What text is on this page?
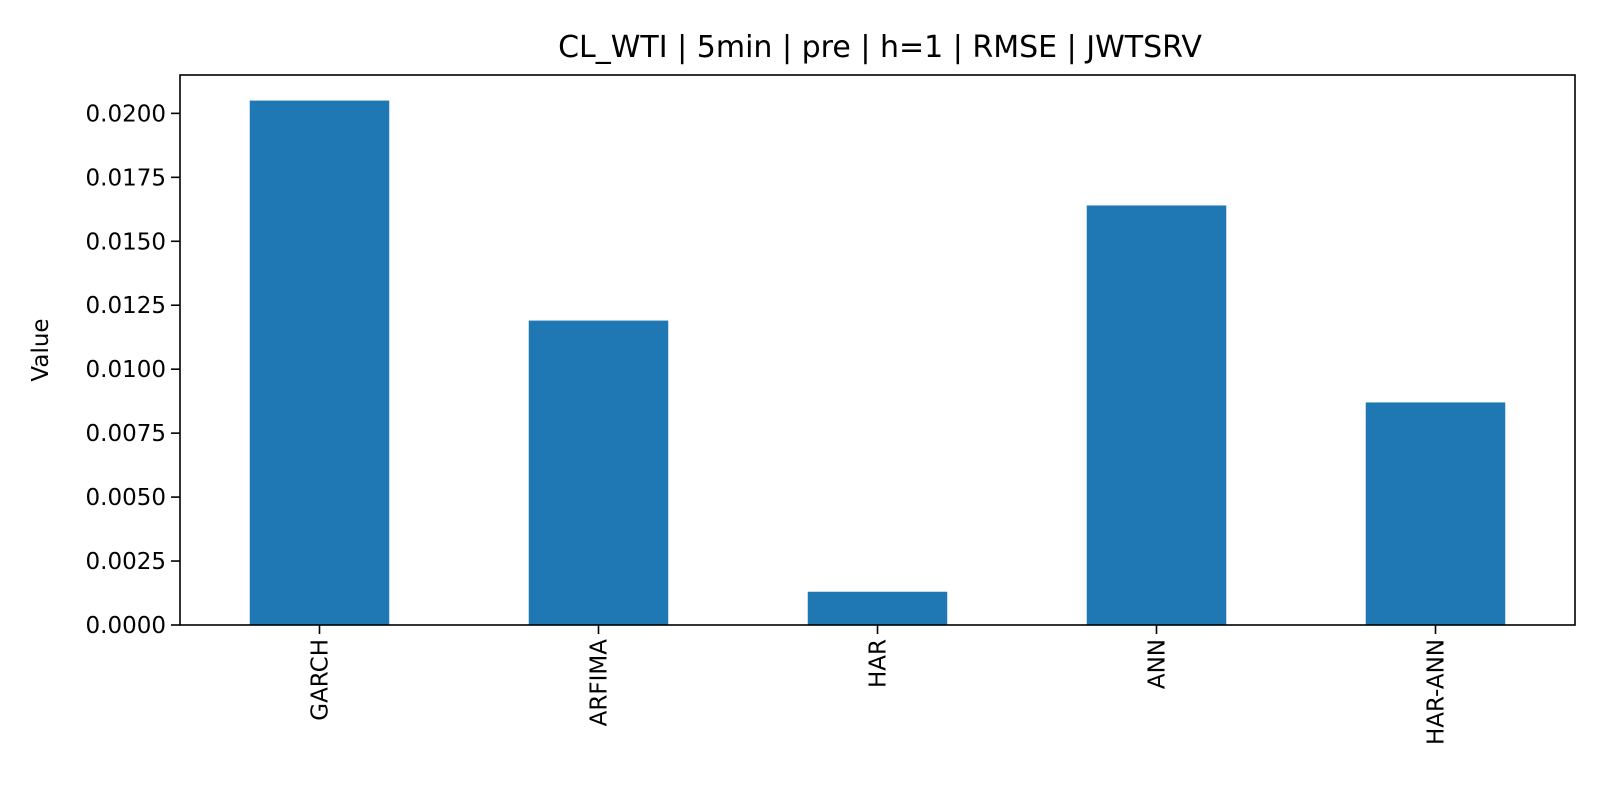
CL_WTI | 5min | pre | h=1 | RMSE | JWTSRV
0.0000
0.0025
0.0050
0.0075
0.0100
0.0125
0.0150
0.0175
0.0200
GARCH	ARFIMA	HAR	ANN	HAR-ANN
Value
